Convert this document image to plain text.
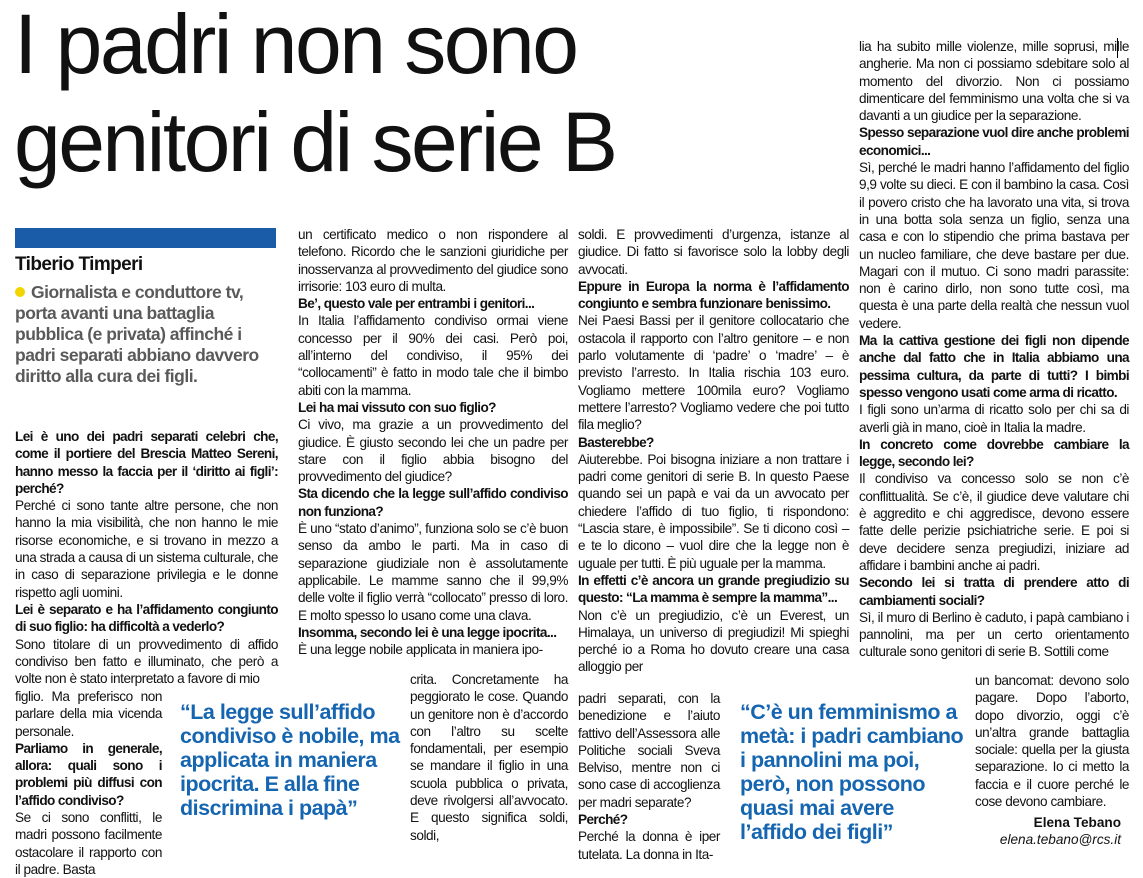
I padri non sono
genitori di serie B
Tiberio Timperi
Giornalista e conduttore tv, porta avanti una battaglia pubblica (e privata) affinché i padri separati abbiano davvero diritto alla cura dei figli.

Lei è uno dei padri separati celebri che, come il portiere del Brescia Matteo Sereni, hanno messo la faccia per il ‘diritto ai figli’: perché?

Perché ci sono tante altre persone, che non hanno la mia visibilità, che non hanno le mie risorse economiche, e si trovano in mezzo a una strada a causa di un sistema culturale, che in caso di separazione privilegia e le donne rispetto agli uomini.

Lei è separato e ha l’affidamento congiunto di suo figlio: ha difficoltà a vederlo?

Sono titolare di un provvedimento di affido condiviso ben fatto e illuminato, che però a volte non è stato interpretato a favore di mio

figlio. Ma preferisco non parlare della mia vicenda personale.

Parliamo in generale, allora: quali sono i problemi più diffusi con l’affido condiviso?

Se ci sono conflitti, le madri possono facilmente ostacolare il rapporto con il padre. Basta

un certificato medico o non rispondere al telefono. Ricordo che le sanzioni giuridiche per inosservanza al provvedimento del giudice sono irrisorie: 103 euro di multa.

Be’, questo vale per entrambi i genitori...

In Italia l’affidamento condiviso ormai viene concesso per il 90% dei casi. Però poi, all’interno del condiviso, il 95% dei “collocamenti” è fatto in modo tale che il bimbo abiti con la mamma.

Lei ha mai vissuto con suo figlio?

Ci vivo, ma grazie a un provvedimento del giudice. È giusto secondo lei che un padre per stare con il figlio abbia bisogno del provvedimento del giudice?

Sta dicendo che la legge sull’affido condiviso non funziona?

È uno “stato d’animo”, funziona solo se c’è buon senso da ambo le parti. Ma in caso di separazione giudiziale non è assolutamente applicabile. Le mamme sanno che il 99,9% delle volte il figlio verrà “collocato” presso di loro. E molto spesso lo usano come una clava.

Insomma, secondo lei è una legge ipocrita...

È una legge nobile applicata in maniera ipo-

crita. Concretamente ha peggiorato le cose. Quando un genitore non è d’accordo con l’altro su scelte fondamentali, per esempio se mandare il figlio in una scuola pubblica o privata, deve rivolgersi all’avvocato. E questo significa soldi, soldi,

soldi. E provvedimenti d’urgenza, istanze al giudice. Di fatto si favorisce solo la lobby degli avvocati.

Eppure in Europa la norma è l’affidamento congiunto e sembra funzionare benissimo.

Nei Paesi Bassi per il genitore collocatario che ostacola il rapporto con l’altro genitore – e non parlo volutamente di ‘padre’ o ‘madre’ – è previsto l’arresto. In Italia rischia 103 euro. Vogliamo mettere 100mila euro? Vogliamo mettere l’arresto? Vogliamo vedere che poi tutto fila meglio?

Basterebbe?

Aiuterebbe. Poi bisogna iniziare a non trattare i padri come genitori di serie B. In questo Paese quando sei un papà e vai da un avvocato per chiedere l’affido di tuo figlio, ti rispondono: “Lascia stare, è impossibile”. Se ti dicono così – e te lo dicono – vuol dire che la legge non è uguale per tutti. È più uguale per la mamma.

In effetti c’è ancora un grande pregiudizio su questo: “La mamma è sempre la mamma”...

Non c’è un pregiudizio, c’è un Everest, un Himalaya, un universo di pregiudizi! Mi spieghi perché io a Roma ho dovuto creare una casa alloggio per

padri separati, con la benedizione e l’aiuto fattivo dell’Assessora alle Politiche sociali Sveva Belviso, mentre non ci sono case di accoglienza per madri separate?

Perché?

Perché la donna è iper tutelata. La donna in Ita-

lia ha subito mille violenze, mille soprusi, mille angherie. Ma non ci possiamo sdebitare solo al momento del divorzio. Non ci possiamo dimenticare del femminismo una volta che si va davanti a un giudice per la separazione.

Spesso separazione vuol dire anche problemi economici...

Sì, perché le madri hanno l’affidamento del figlio 9,9 volte su dieci. E con il bambino la casa. Così il povero cristo che ha lavorato una vita, si trova in una botta sola senza un figlio, senza una casa e con lo stipendio che prima bastava per un nucleo familiare, che deve bastare per due. Magari con il mutuo. Ci sono madri parassite: non è carino dirlo, non sono tutte così, ma questa è una parte della realtà che nessun vuol vedere.

Ma la cattiva gestione dei figli non dipende anche dal fatto che in Italia abbiamo una pessima cultura, da parte di tutti? I bimbi spesso vengono usati come arma di ricatto.

I figli sono un’arma di ricatto solo per chi sa di averli già in mano, cioè in Italia la madre.

In concreto come dovrebbe cambiare la legge, secondo lei?

Il condiviso va concesso solo se non c’è conflittualità. Se c’è, il giudice deve valutare chi è aggredito e chi aggredisce, devono essere fatte delle perizie psichiatriche serie. E poi si deve decidere senza pregiudizi, iniziare ad affidare i bambini anche ai padri.

Secondo lei si tratta di prendere atto di cambiamenti sociali?

Sì, il muro di Berlino è caduto, i papà cambiano i pannolini, ma per un certo orientamento culturale sono genitori di serie B. Sottili come

un bancomat: devono solo pagare. Dopo l’aborto, dopo divorzio, oggi c’è un’altra grande battaglia sociale: quella per la giusta separazione. Io ci metto la faccia e il cuore perché le cose devono cambiare.

“La legge sull’affido condiviso è nobile, ma applicata in maniera ipocrita. E alla fine discrimina i papà”
“C’è un femminismo a metà: i padri cambiano i pannolini ma poi, però, non possono quasi mai avere l’affido dei figli”	Elena Tebano
elena.tebano@rcs.it
